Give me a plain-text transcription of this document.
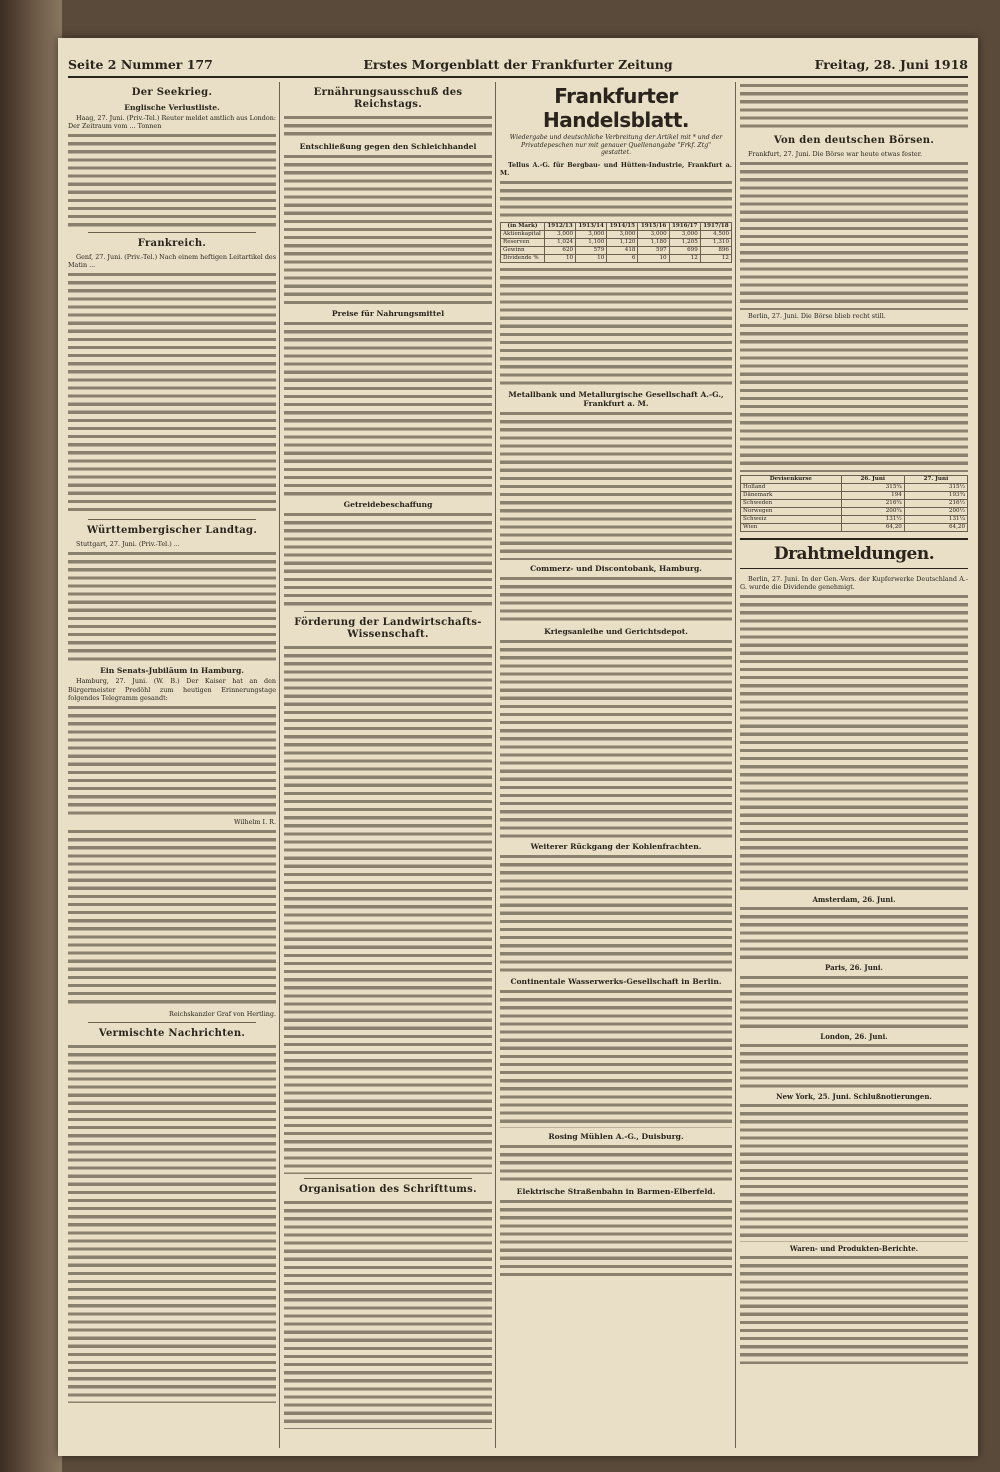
Seite 2 Nummer 177	Erstes Morgenblatt der Frankfurter Zeitung	Freitag, 28. Juni 1918
Der Seekrieg.
Englische Verlustliste.

Haag, 27. Juni. (Priv.-Tel.) Reuter meldet amtlich aus London: Der Zeitraum vom ... Tonnen

Frankreich.

Genf, 27. Juni. (Priv.-Tel.) Nach einem heftigen Leitartikel des Matin ...

Württembergischer Landtag.

Stuttgart, 27. Juni. (Priv.-Tel.) ...

Ein Senats-Jubiläum in Hamburg.

Hamburg, 27. Juni. (W. B.) Der Kaiser hat an den Bürgermeister Predöhl zum heutigen Erinnerungstage folgendes Telegramm gesandt:

Wilhelm I. R.

Reichskanzler Graf von Hertling.

Vermischte Nachrichten.
Ernährungsausschuß des Reichstags.
Entschließung gegen den Schleichhandel
Preise für Nahrungsmittel
Getreidebeschaffung
Förderung der Landwirtschafts-Wissenschaft.
Organisation des Schrifttums.
Frankfurter Handelsblatt.
Wiedergabe und deutschliche Verbreitung der Artikel mit * und der Privatdepeschen nur mit genauer Quellenangabe "Frkf. Ztg" gestattet.

Tellus A.-G. für Bergbau- und Hütten-Industrie, Frankfurt a. M.

(in Mark)	1912/13	1913/14	1914/15	1915/16	1916/17	1917/18
Aktienkapital	3,000	3,000	3,000	3,000	3,000	4,500
Reserven	1,024	1,100	1,120	1,180	1,205	1,310
Gewinn	620	579	418	597	699	896
Dividende %	10	10	6	10	12	12
Metallbank und Metallurgische Gesellschaft A.-G., Frankfurt a. M.
Commerz- und Discontobank, Hamburg.
Kriegsanleihe und Gerichtsdepot.
Weiterer Rückgang der Kohlenfrachten.
Continentale Wasserwerks-Gesellschaft in Berlin.
Rosing Mühlen A.-G., Duisburg.
Elektrische Straßenbahn in Barmen-Elberfeld.
Von den deutschen Börsen.

Frankfurt, 27. Juni. Die Börse war heute etwas fester.

Berlin, 27. Juni. Die Börse blieb recht still.

Devisenkurse	26. Juni	27. Juni
Holland	315¾	315½
Dänemark	194	193¾
Schweden	216¾	216½
Norwegen	200¾	200½
Schweiz	131½	131¼
Wien	64,20	64,20
Drahtmeldungen.

Berlin, 27. Juni. In der Gen.-Vers. der Kupferwerke Deutschland A.-G. wurde die Dividende genehmigt.

Amsterdam, 26. Juni.
Paris, 26. Juni.
London, 26. Juni.
New York, 25. Juni. Schlußnotierungen.
Waren- und Produkten-Berichte.
